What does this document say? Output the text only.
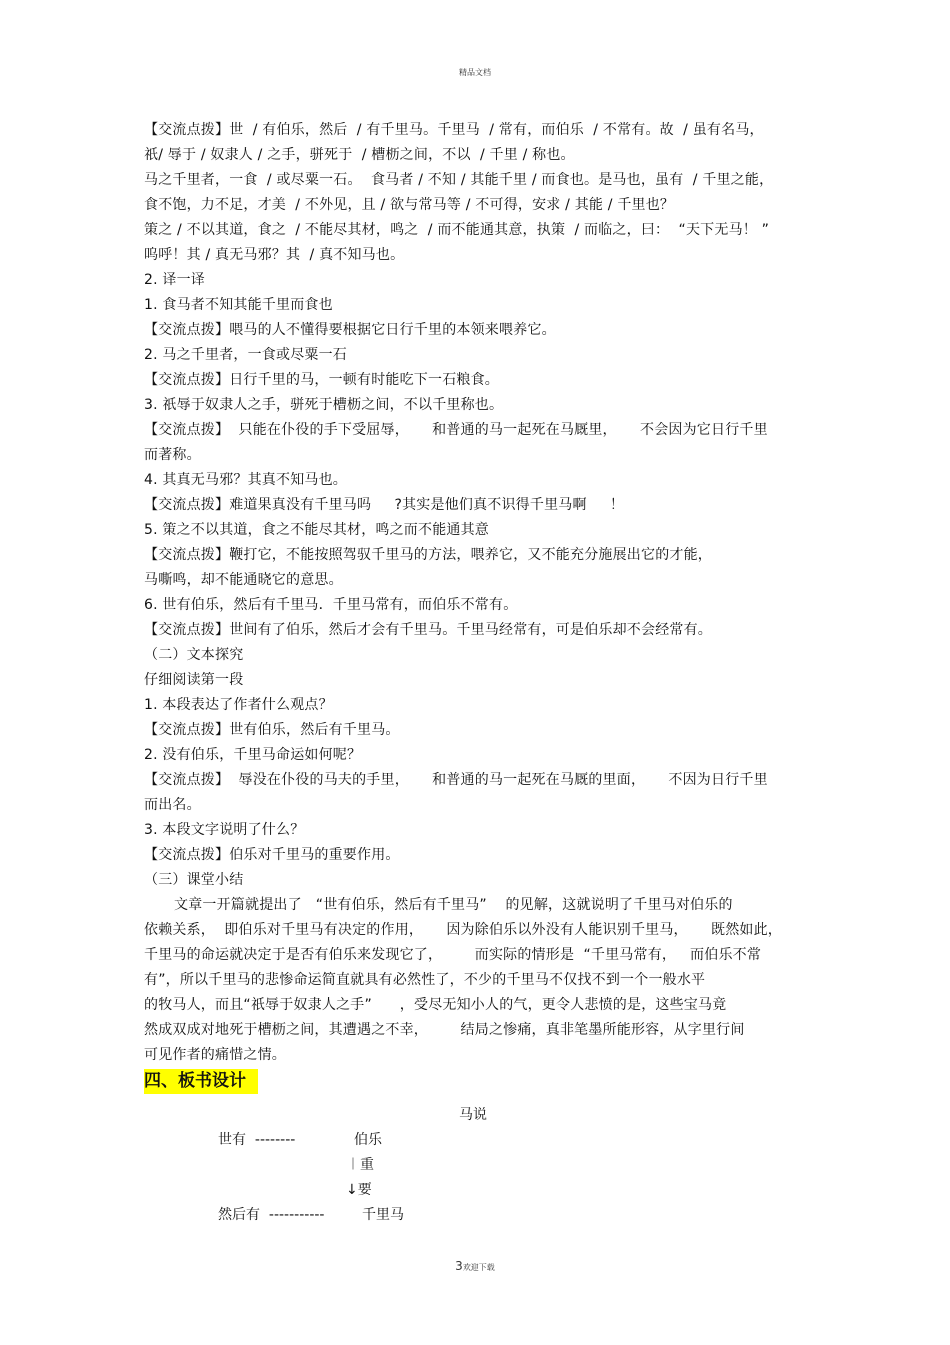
精品文档
【交流点拨】世  / 有伯乐，然后  / 有千里马。千里马  / 常有，而伯乐  / 不常有。故  / 虽有名马，
祇/ 辱于 / 奴隶人 / 之手，骈死于  / 槽枥之间，不以  / 千里 / 称也。
马之千里者，一食  / 或尽粟一石。  食马者 / 不知 / 其能千里 / 而食也。是马也，虽有  / 千里之能，
食不饱，力不足，才美  / 不外见，且 / 欲与常马等 / 不可得，安求 / 其能 / 千里也？
策之 / 不以其道，食之  / 不能尽其材，鸣之  / 而不能通其意，执策  / 而临之，曰：  “天下无马！ ”
呜呼！其 / 真无马邪？其  / 真不知马也。
2. 译一译
1. 食马者不知其能千里而食也
【交流点拨】喂马的人不懂得要根据它日行千里的本领来喂养它。
2. 马之千里者，一食或尽粟一石
【交流点拨】日行千里的马，一顿有时能吃下一石粮食。
3. 祇辱于奴隶人之手，骈死于槽枥之间，不以千里称也。
【交流点拨】  只能在仆役的手下受屈辱，     和普通的马一起死在马厩里，     不会因为它日行千里
而著称。
4. 其真无马邪？其真不知马也。
【交流点拨】难道果真没有千里马吗     ?其实是他们真不识得千里马啊     ！
5. 策之不以其道，食之不能尽其材，鸣之而不能通其意
【交流点拨】鞭打它，不能按照驾驭千里马的方法，喂养它，又不能充分施展出它的才能，
马嘶鸣，却不能通晓它的意思。
6. 世有伯乐，然后有千里马．千里马常有，而伯乐不常有。
【交流点拨】世间有了伯乐，然后才会有千里马。千里马经常有，可是伯乐却不会经常有。
（二）文本探究
仔细阅读第一段
1. 本段表达了作者什么观点？
【交流点拨】世有伯乐，然后有千里马。
2. 没有伯乐，千里马命运如何呢？
【交流点拨】  辱没在仆役的马夫的手里，     和普通的马一起死在马厩的里面，     不因为日行千里
而出名。
3. 本段文字说明了什么？
【交流点拨】伯乐对千里马的重要作用。
（三）课堂小结
文章一开篇就提出了   “世有伯乐，然后有千里马”    的见解，这就说明了千里马对伯乐的
依赖关系，  即伯乐对千里马有决定的作用，     因为除伯乐以外没有人能识别千里马，     既然如此，
千里马的命运就决定于是否有伯乐来发现它了，       而实际的情形是  “千里马常有，   而伯乐不常
有”，所以千里马的悲惨命运简直就具有必然性了，不少的千里马不仅找不到一个一般水平
的牧马人，而且“祇辱于奴隶人之手”      ，受尽无知小人的气，更令人悲愤的是，这些宝马竟
然成双成对地死于槽枥之间，其遭遇之不幸，       结局之惨痛，真非笔墨所能形容，从字里行间
可见作者的痛惜之情。
四、板书设计
马说
世有  --------	伯乐
︱重
↓要
然后有  -----------	千里马
3欢迎下载
